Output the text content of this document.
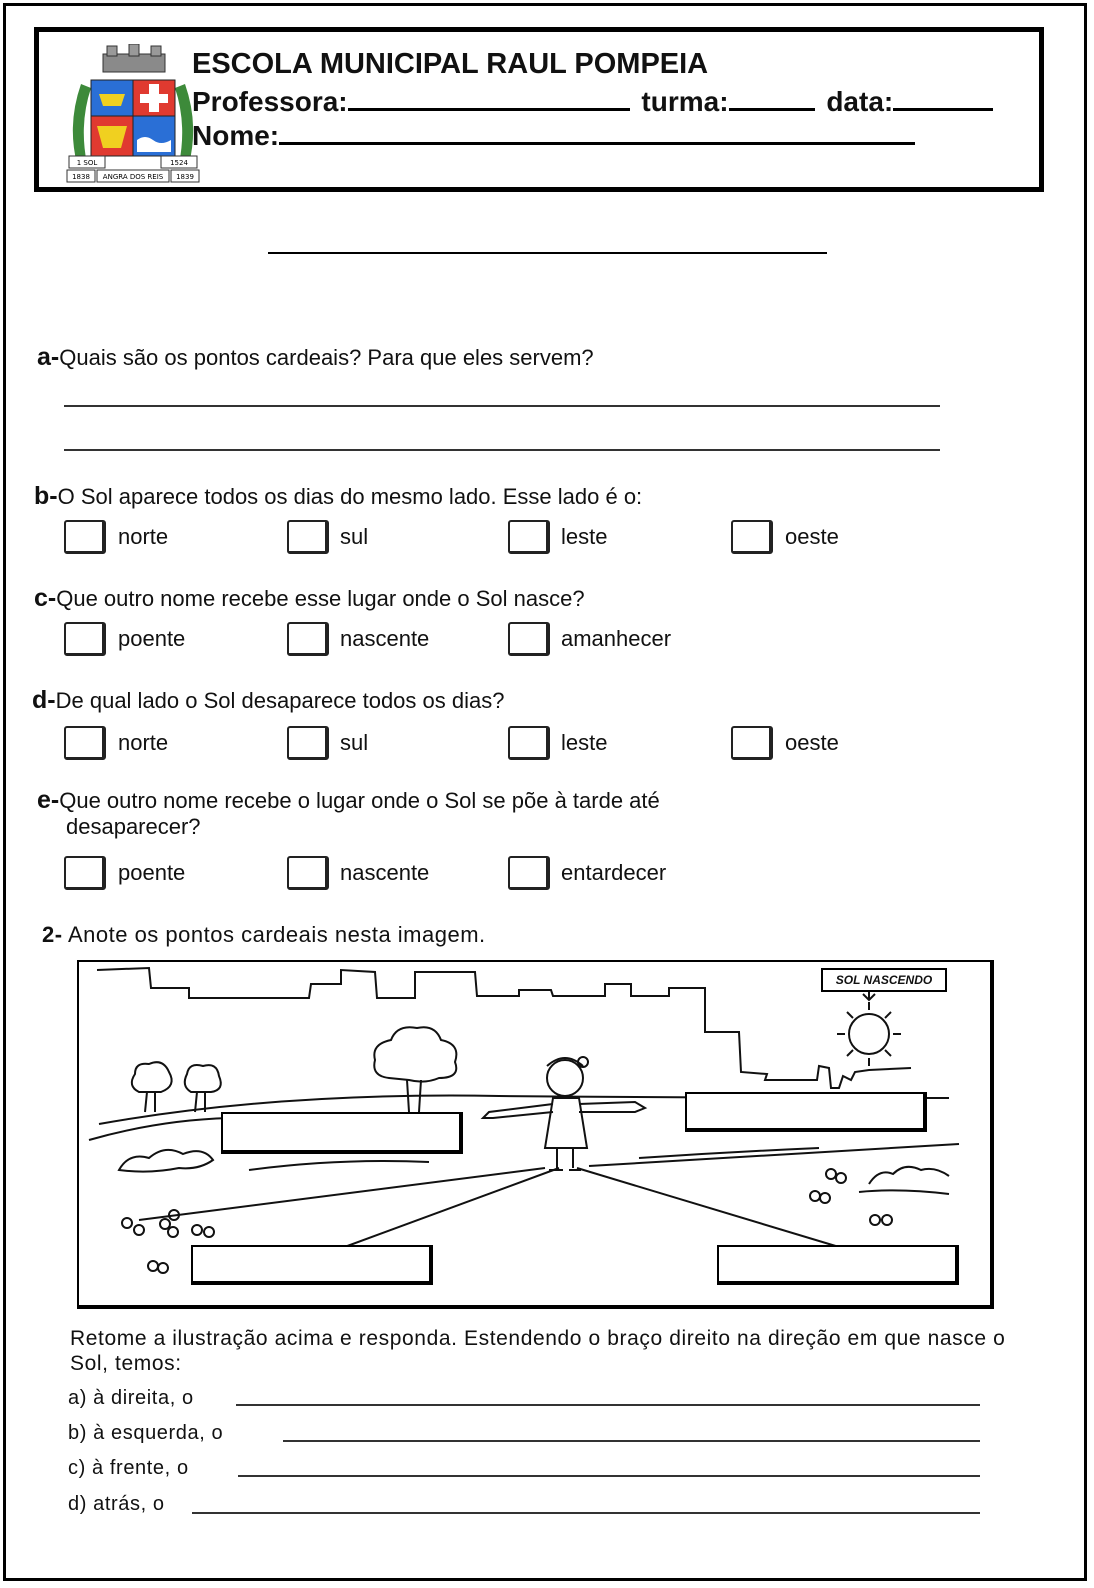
1 SOL	1524
1838 ANGRA DOS REIS 1839
ESCOLA MUNICIPAL RAUL POMPEIA
Professora:	turma:	data:
Nome:
a-Quais são os pontos cardeais? Para que eles servem?
b-O Sol aparece todos os dias do mesmo lado. Esse lado é o:
norte	sul	leste	oeste
c-Que outro nome recebe esse lugar onde o Sol nasce?
poente	nascente	amanhecer
d-De qual lado o Sol desaparece todos os dias?
norte	sul	leste	oeste
e-Que outro nome recebe o lugar onde o Sol se põe à tarde até
desaparecer?
poente	nascente	entardecer
2- Anote os pontos cardeais nesta imagem.
SOL NASCENDO
Retome a ilustração acima e responda. Estendendo o braço direito na direção em que nasce o Sol, temos:
a) à direita, o
b) à esquerda, o
c) à frente, o
d) atrás, o
